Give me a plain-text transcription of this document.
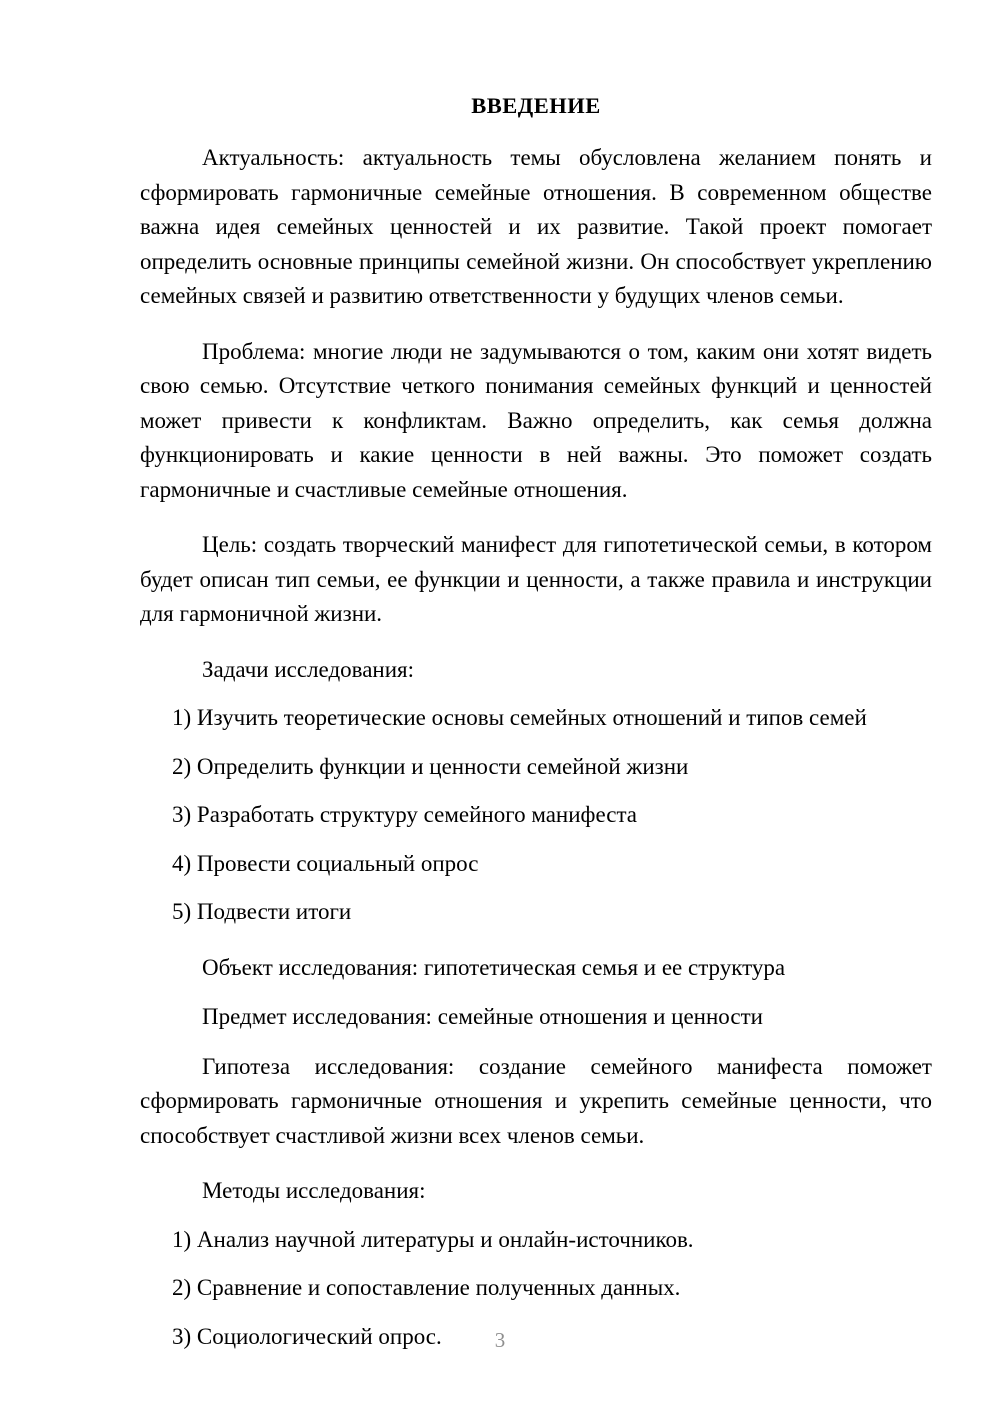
ВВЕДЕНИЕ

Актуальность: актуальность темы обусловлена желанием понять и сформировать гармоничные семейные отношения. В современном обществе важна идея семейных ценностей и их развитие. Такой проект помогает определить основные принципы семейной жизни. Он способствует укреплению семейных связей и развитию ответственности у будущих членов семьи.

Проблема: многие люди не задумываются о том, каким они хотят видеть свою семью. Отсутствие четкого понимания семейных функций и ценностей может привести к конфликтам. Важно определить, как семья должна функционировать и какие ценности в ней важны. Это поможет создать гармоничные и счастливые семейные отношения.

Цель: создать творческий манифест для гипотетической семьи, в котором будет описан тип семьи, ее функции и ценности, а также правила и инструкции для гармоничной жизни.

Задачи исследования:

1) Изучить теоретические основы семейных отношений и типов семей

2) Определить функции и ценности семейной жизни

3) Разработать структуру семейного манифеста

4) Провести социальный опрос

5) Подвести итоги

Объект исследования: гипотетическая семья и ее структура

Предмет исследования: семейные отношения и ценности

Гипотеза исследования: создание семейного манифеста поможет сформировать гармоничные отношения и укрепить семейные ценности, что способствует счастливой жизни всех членов семьи.

Методы исследования:

1) Анализ научной литературы и онлайн-источников.

2) Сравнение и сопоставление полученных данных.

3) Социологический опрос.	3
